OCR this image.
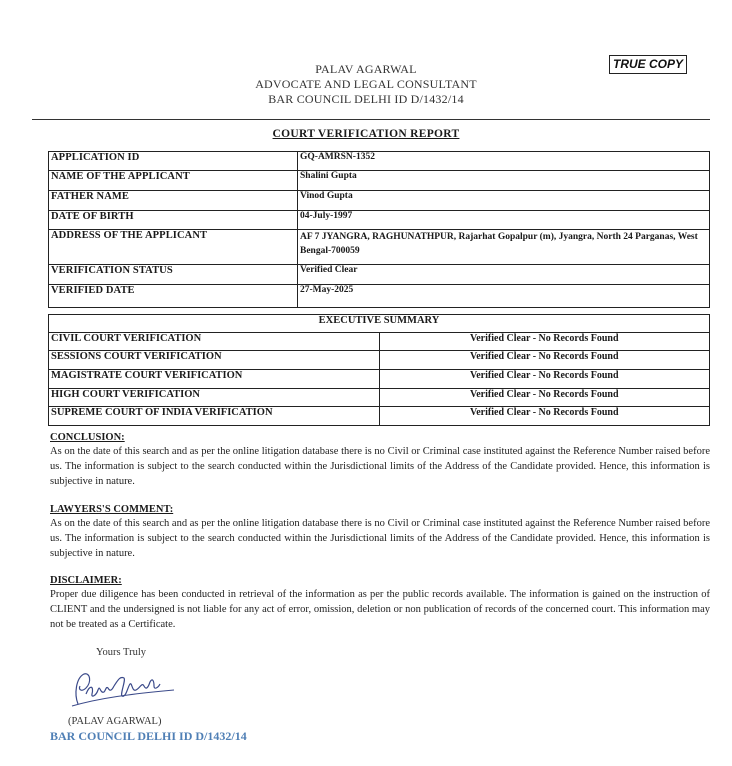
PALAV AGARWAL
ADVOCATE AND LEGAL CONSULTANT
BAR COUNCIL DELHI ID D/1432/14
TRUE COPY
COURT VERIFICATION REPORT
APPLICATION ID	GQ-AMRSN-1352
NAME OF THE APPLICANT	Shalini Gupta
FATHER NAME	Vinod Gupta
DATE OF BIRTH	04-July-1997
ADDRESS OF THE APPLICANT	AF 7 JYANGRA, RAGHUNATHPUR, Rajarhat Gopalpur (m), Jyangra, North 24 Parganas, West Bengal-700059
VERIFICATION STATUS	Verified Clear
VERIFIED DATE	27-May-2025
EXECUTIVE SUMMARY	
CIVIL COURT VERIFICATION	Verified Clear - No Records Found
SESSIONS COURT VERIFICATION	Verified Clear - No Records Found
MAGISTRATE COURT VERIFICATION	Verified Clear - No Records Found
HIGH COURT VERIFICATION	Verified Clear - No Records Found
SUPREME COURT OF INDIA VERIFICATION	Verified Clear - No Records Found
CONCLUSION:
As on the date of this search and as per the online litigation database there is no Civil or Criminal case instituted against the Reference Number raised before us. The information is subject to the search conducted within the Jurisdictional limits of the Address of the Candidate provided. Hence, this information is subjective in nature.
LAWYERS'S COMMENT:
As on the date of this search and as per the online litigation database there is no Civil or Criminal case instituted against the Reference Number raised before us. The information is subject to the search conducted within the Jurisdictional limits of the Address of the Candidate provided. Hence, this information is subjective in nature.
DISCLAIMER:
Proper due diligence has been conducted in retrieval of the information as per the public records available. The information is gained on the instruction of CLIENT and the undersigned is not liable for any act of error, omission, deletion or non publication of records of the concerned court. This information may not be treated as a Certificate.
Yours Truly
(PALAV AGARWAL)
BAR COUNCIL DELHI ID D/1432/14
